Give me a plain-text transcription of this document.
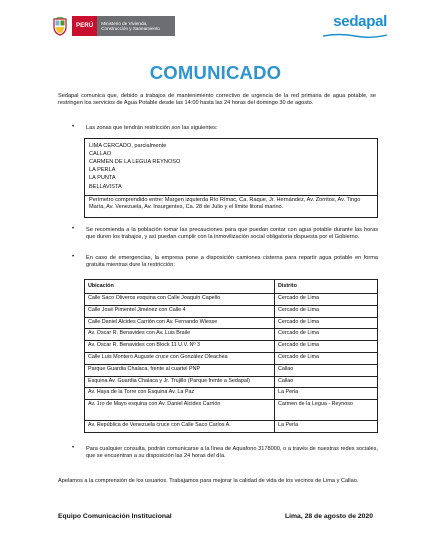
PERÚ	Ministerio de Vivienda, Construcción y Saneamiento	sedapal
COMUNICADO

Sedapal comunica que, debido a trabajos de mantenimiento correctivo de urgencia de la red primaria de agua potable, se restringen los servicios de Agua Potable desde las 14:00 hasta las 24 horas del domingo 30 de agosto.

• Las zonas que tendrán restricción son las siguientes:

LIMA CERCADO, parcialmente
CALLAO
CARMEN DE LA LEGUA REYNOSO
LA PERLA
LA PUNTA
BELLAVISTA
Perímetro comprendido entre: Margen izquierda Río Rímac, Ca. Raque, Jr. Hernández, Av. Zorritos, Av. Tingo María, Av. Venezuela, Av. Insurgentes, Ca. 28 de Julio y el límite litoral marino.
• Se recomienda a la población tomar las precauciones para que puedan contar con agua potable durante las horas que duren los trabajos, y así puedan cumplir con la inmovilización social obligatoria dispuesta por el Gobierno.

• En caso de emergencias, la empresa pone a disposición camiones cisterna para repartir agua potable en forma gratuita mientras dure la restricción:

Ubicación	Distrito
Calle Saco Oliveros esquina con Calle Joaquín Capello	Cercado de Lima
Calle José Pimentel Jiménez con Calle 4	Cercado de Lima
Calle Daniel Alcides Carrión con Av. Fernando Wiesse	Cercado de Lima
Av. Oscar R. Benavides con Av. Luis Braile	Cercado de Lima
Av. Oscar R. Benavides con Block 11 U.V. Nº 3	Cercado de Lima
Calle Luis Montero Auguste cruce con González Oleachea	Cercado de Lima
Parque Guardia Chalaca, frente al cuartel PNP	Callao
Esquina Av. Guardia Chalaca y Jr. Trujillo (Parque frente a Sedapal)	Callao
Av. Haya de la Torre con Esquina Av. La Paz	La Perla
Av. 1ro de Mayo esquina con Av. Daniel Alcides Carrión	Carmen de la Legua - Reynoso
Av. República de Venezuela cruce con Calle Saco Carlos A.	La Perla
• Para cualquier consulta, podrán comunicarse a la línea de Aquafono 3178000, o a través de nuestras redes sociales, que se encuentran a su disposición las 24 horas del día.

Apelamos a la comprensión de los usuarios. Trabajamos para mejorar la calidad de vida de los vecinos de Lima y Callao.

Equipo Comunicación Institucional	Lima, 28 de agosto de 2020
